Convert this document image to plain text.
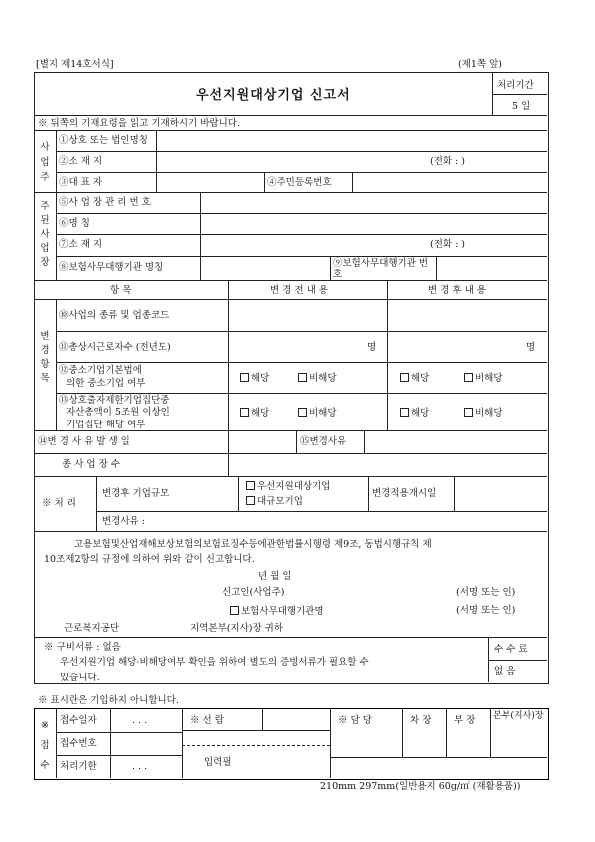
[별지 제14호서식]	(제1쪽 앞)
우선지원대상기업 신고서
처리기간
5 일
※ 뒤쪽의 기재요령을 읽고 기재하시기 바랍니다.
사
업
주
①상호 또는 법인명칭
②소 재 지	(전화 : )
③대 표 자	④주민등록번호
주
된
사
업
장
⑤사 업 장 관 리 번 호
⑥명 칭
⑦소 재 지	(전화 : )
⑧보험사무대행기관 명칭	⑨보험사무대행기관 번
호
항 목	변 경 전 내 용	변 경 후 내 용
변
경
항
목
⑩사업의 종류 및 업종코드
⑪총상시근로자수 (전년도)	명	명
⑫중소기업기본법에
의한 중소기업 여부	해당	비해당	해당	비해당
⑬상호출자제한기업집단중
자산총액이 5조원 이상인
기업집단 해당 여부
해당	비해당	해당	비해당
⑭변 경 사 유 발 생 일	⑮변경사유
종 사 업 장 수
※ 처 리
변경후 기업규모
우선지원대상기업
대규모기업
변경적용개시일
변경사유 :
고용보험및산업재해보상보험의보험료징수등에관한법률시행령 제9조, 동법시행규칙 제
10조제2항의 규정에 의하여 위와 같이 신고합니다.
년 월 일
신고인(사업주)	(서명 또는 인)
보험사무대행기관명	(서명 또는 인)
근로복지공단	지역본부(지사)장 귀하
※ 구비서류 : 없음
우선지원기업 해당·비해당여부 확인을 위하여 별도의 증빙서류가 필요할 수
있습니다.
수 수 료
없 음
※ 표시란은 기입하지 아니합니다.
※
접
수
접수일자	. . .
접수번호
처리기한	. . .
※ 선 람
입력필
※ 담 당	차 장 부 장 본부(지사)장
210mm 297mm(일반용지 60g/㎡ (재활용품))
